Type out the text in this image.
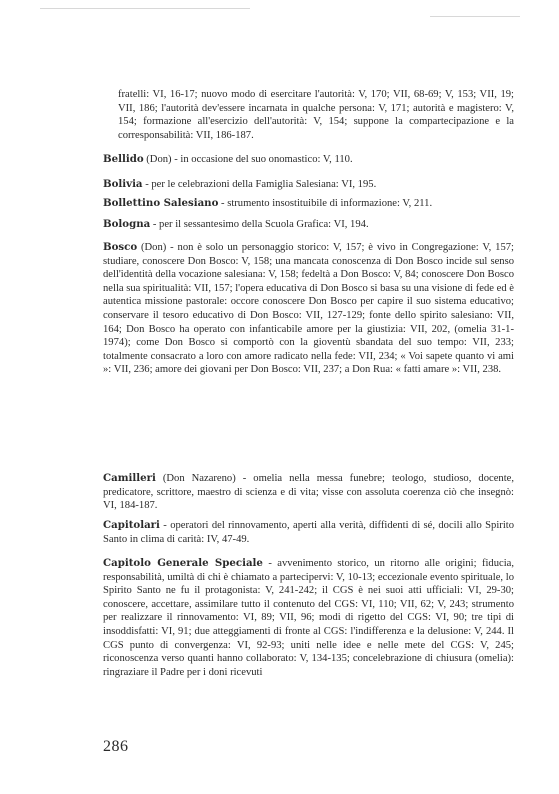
fratelli: VI, 16-17; nuovo modo di esercitare l'autorità: V, 170; VII, 68-69; V, 153; VII, 19; VII, 186; l'autorità dev'essere incarnata in qualche persona: V, 171; autorità e magistero: V, 154; formazione all'esercizio dell'autorità: V, 154; suppone la compartecipazione e la corresponsabilità: VII, 186-187.

Bellido (Don) - in occasione del suo onomastico: V, 110.

Bolivia - per le celebrazioni della Famiglia Salesiana: VI, 195.

Bollettino Salesiano - strumento insostituibile di informazione: V, 211.

Bologna - per il sessantesimo della Scuola Grafica: VI, 194.

Bosco (Don) - non è solo un personaggio storico: V, 157; è vivo in Congregazione: V, 157; studiare, conoscere Don Bosco: V, 158; una mancata conoscenza di Don Bosco incide sul senso dell'identità della vocazione salesiana: V, 158; fedeltà a Don Bosco: V, 84; conoscere Don Bosco nella sua spiritualità: VII, 157; l'opera educativa di Don Bosco si basa su una visione di fede ed è autentica missione pastorale: occore conoscere Don Bosco per capire il suo sistema educativo; conservare il tesoro educativo di Don Bosco: VII, 127-129; fonte dello spirito salesiano: VII, 164; Don Bosco ha operato con infanticabile amore per la giustizia: VII, 202, (omelia 31-1-1974); come Don Bosco si comportò con la gioventù sbandata del suo tempo: VII, 233; totalmente consacrato a loro con amore radicato nella fede: VII, 234; « Voi sapete quanto vi ami »: VII, 236; amore dei giovani per Don Bosco: VII, 237; a Don Rua: « fatti amare »: VII, 238.

Camilleri (Don Nazareno) - omelia nella messa funebre; teologo, studioso, docente, predicatore, scrittore, maestro di scienza e di vita; visse con assoluta coerenza ciò che insegnò: VI, 184-187.

Capitolari - operatori del rinnovamento, aperti alla verità, diffidenti di sé, docili allo Spirito Santo in clima di carità: IV, 47-49.

Capitolo Generale Speciale - avvenimento storico, un ritorno alle origini; fiducia, responsabilità, umiltà di chi è chiamato a partecipervi: V, 10-13; eccezionale evento spirituale, lo Spirito Santo ne fu il protagonista: V, 241-242; il CGS è nei suoi atti ufficiali: VI, 29-30; conoscere, accettare, assimilare tutto il contenuto del CGS: VI, 110; VII, 62; V, 243; strumento per realizzare il rinnovamento: VI, 89; VII, 96; modi di rigetto del CGS: VI, 90; tre tipi di insoddisfatti: VI, 91; due atteggiamenti di fronte al CGS: l'indifferenza e la delusione: V, 244. Il CGS punto di convergenza: VI, 92-93; uniti nelle idee e nelle mete del CGS: V, 245; riconoscenza verso quanti hanno collaborato: V, 134-135; concelebrazione di chiusura (omelia): ringraziare il Padre per i doni ricevuti

286
